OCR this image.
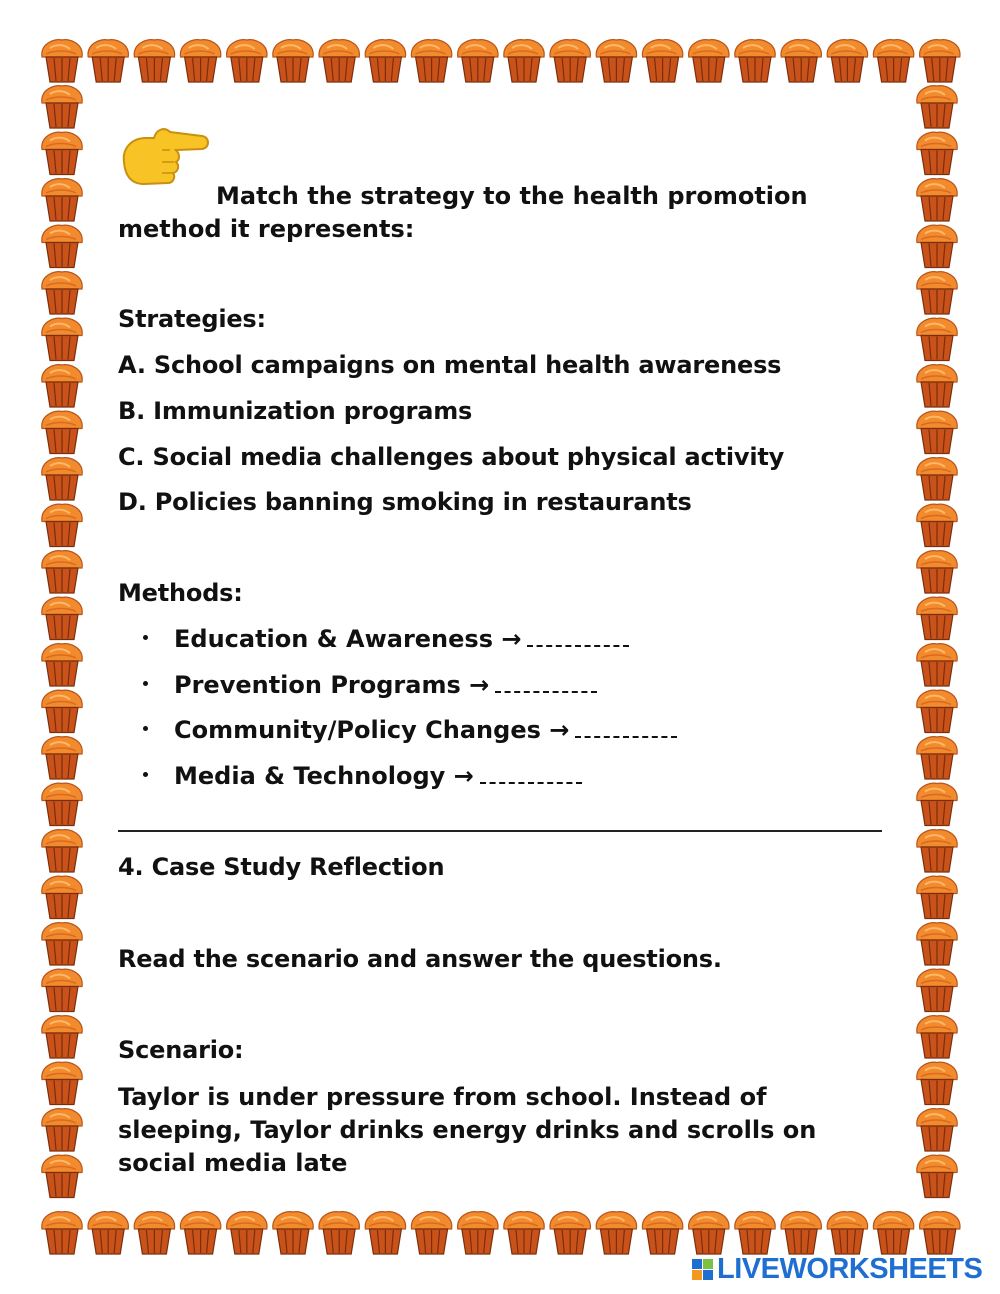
Match the strategy to the health promotion method it represents:
Strategies:
A. School campaigns on mental health awareness
B. Immunization programs
C. Social media challenges about physical activity
D. Policies banning smoking in restaurants
Methods:
Education & Awareness →
Prevention Programs →
Community/Policy Changes →
Media & Technology →
4. Case Study Reflection
Read the scenario and answer the questions.
Scenario:
Taylor is under pressure from school. Instead of sleeping, Taylor drinks energy drinks and scrolls on social media late
LIVEWORKSHEETS
